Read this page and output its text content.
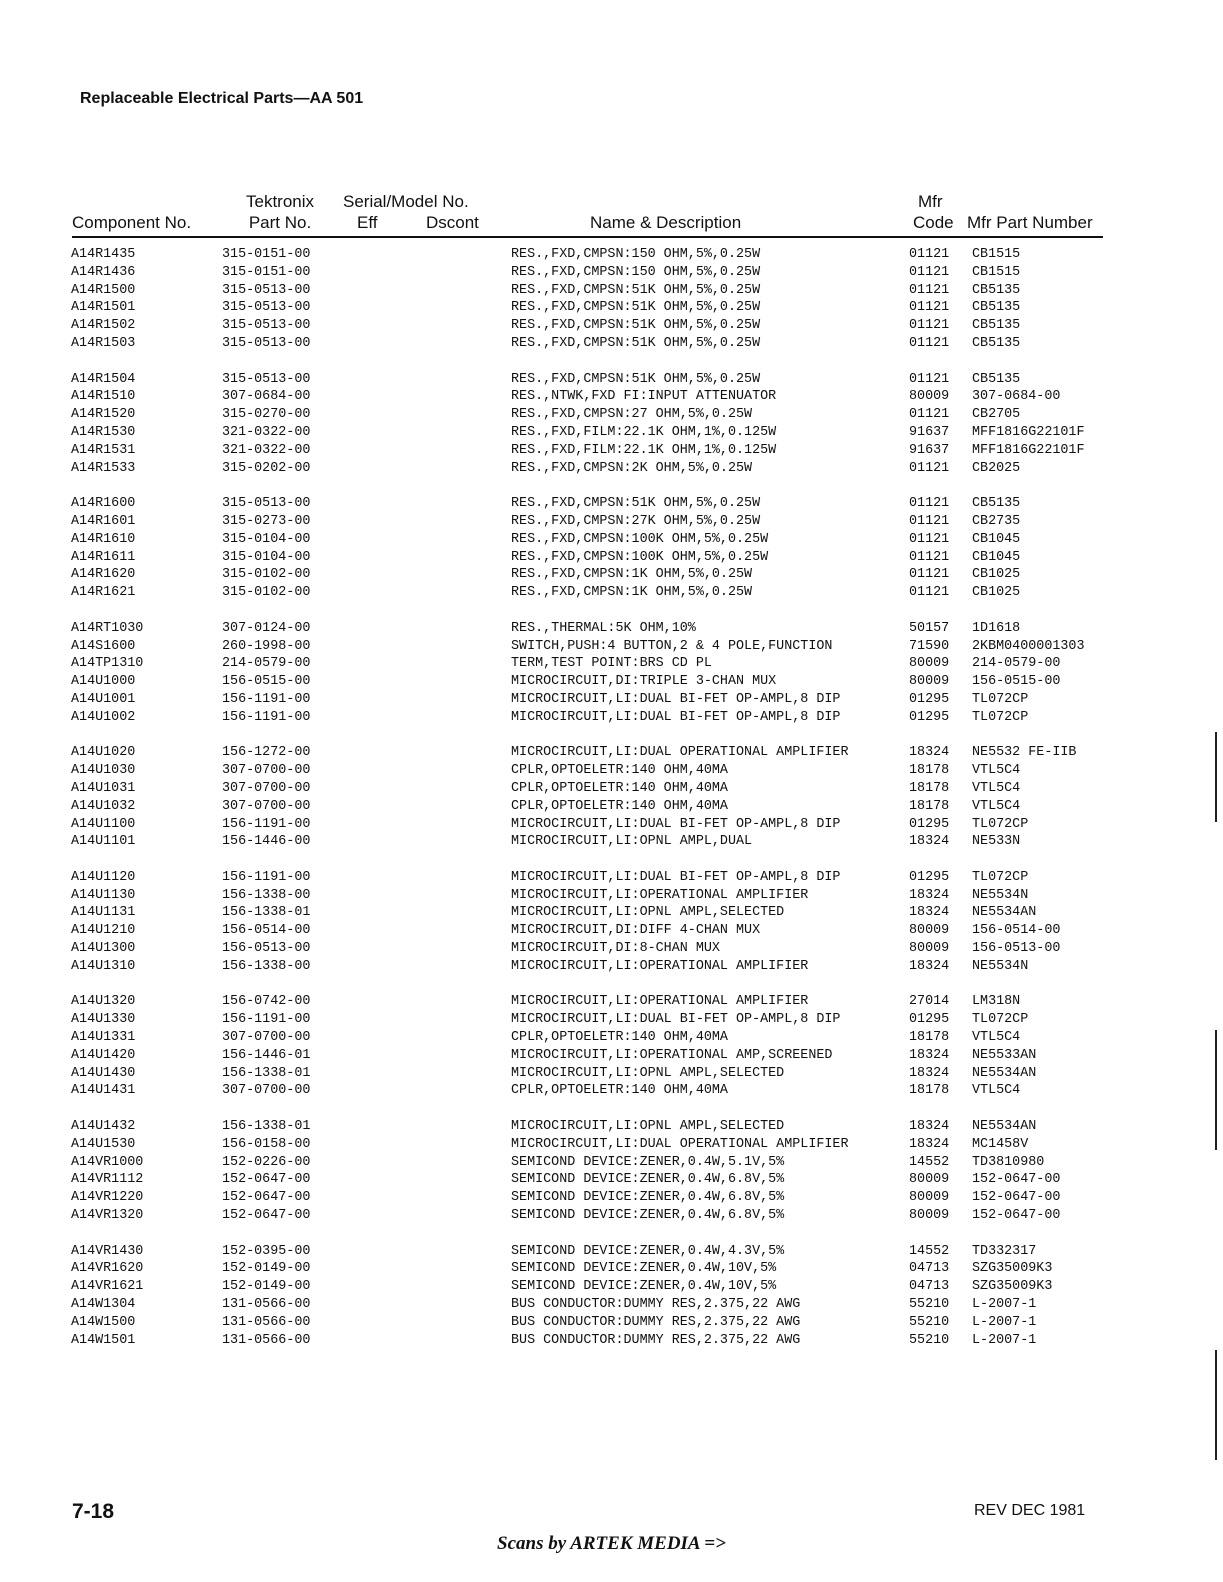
Replaceable Electrical Parts—AA 501
Component No.
Tektronix
Part No.
Serial/Model No.
Eff	Dscont	Name & Description
Mfr
Code Mfr Part Number
A14R1435	315-0151-00	RES.,FXD,CMPSN:150 OHM,5%,0.25W	01121 CB1515
A14R1436	315-0151-00	RES.,FXD,CMPSN:150 OHM,5%,0.25W	01121 CB1515
A14R1500	315-0513-00	RES.,FXD,CMPSN:51K OHM,5%,0.25W	01121 CB5135
A14R1501	315-0513-00	RES.,FXD,CMPSN:51K OHM,5%,0.25W	01121 CB5135
A14R1502	315-0513-00	RES.,FXD,CMPSN:51K OHM,5%,0.25W	01121 CB5135
A14R1503	315-0513-00	RES.,FXD,CMPSN:51K OHM,5%,0.25W	01121 CB5135
A14R1504	315-0513-00	RES.,FXD,CMPSN:51K OHM,5%,0.25W	01121 CB5135
A14R1510	307-0684-00	RES.,NTWK,FXD FI:INPUT ATTENUATOR	80009 307-0684-00
A14R1520	315-0270-00	RES.,FXD,CMPSN:27 OHM,5%,0.25W	01121 CB2705
A14R1530	321-0322-00	RES.,FXD,FILM:22.1K OHM,1%,0.125W	91637 MFF1816G22101F
A14R1531	321-0322-00	RES.,FXD,FILM:22.1K OHM,1%,0.125W	91637 MFF1816G22101F
A14R1533	315-0202-00	RES.,FXD,CMPSN:2K OHM,5%,0.25W	01121 CB2025
A14R1600	315-0513-00	RES.,FXD,CMPSN:51K OHM,5%,0.25W	01121 CB5135
A14R1601	315-0273-00	RES.,FXD,CMPSN:27K OHM,5%,0.25W	01121 CB2735
A14R1610	315-0104-00	RES.,FXD,CMPSN:100K OHM,5%,0.25W	01121 CB1045
A14R1611	315-0104-00	RES.,FXD,CMPSN:100K OHM,5%,0.25W	01121 CB1045
A14R1620	315-0102-00	RES.,FXD,CMPSN:1K OHM,5%,0.25W	01121 CB1025
A14R1621	315-0102-00	RES.,FXD,CMPSN:1K OHM,5%,0.25W	01121 CB1025
A14RT1030	307-0124-00	RES.,THERMAL:5K OHM,10%	50157 1D1618
A14S1600	260-1998-00	SWITCH,PUSH:4 BUTTON,2 & 4 POLE,FUNCTION	71590 2KBM0400001303
A14TP1310	214-0579-00	TERM,TEST POINT:BRS CD PL	80009 214-0579-00
A14U1000	156-0515-00	MICROCIRCUIT,DI:TRIPLE 3-CHAN MUX	80009 156-0515-00
A14U1001	156-1191-00	MICROCIRCUIT,LI:DUAL BI-FET OP-AMPL,8 DIP	01295 TL072CP
A14U1002	156-1191-00	MICROCIRCUIT,LI:DUAL BI-FET OP-AMPL,8 DIP	01295 TL072CP
A14U1020	156-1272-00	MICROCIRCUIT,LI:DUAL OPERATIONAL AMPLIFIER	18324 NE5532 FE-IIB
A14U1030	307-0700-00	CPLR,OPTOELETR:140 OHM,40MA	18178 VTL5C4
A14U1031	307-0700-00	CPLR,OPTOELETR:140 OHM,40MA	18178 VTL5C4
A14U1032	307-0700-00	CPLR,OPTOELETR:140 OHM,40MA	18178 VTL5C4
A14U1100	156-1191-00	MICROCIRCUIT,LI:DUAL BI-FET OP-AMPL,8 DIP	01295 TL072CP
A14U1101	156-1446-00	MICROCIRCUIT,LI:OPNL AMPL,DUAL	18324 NE533N
A14U1120	156-1191-00	MICROCIRCUIT,LI:DUAL BI-FET OP-AMPL,8 DIP	01295 TL072CP
A14U1130	156-1338-00	MICROCIRCUIT,LI:OPERATIONAL AMPLIFIER	18324 NE5534N
A14U1131	156-1338-01	MICROCIRCUIT,LI:OPNL AMPL,SELECTED	18324 NE5534AN
A14U1210	156-0514-00	MICROCIRCUIT,DI:DIFF 4-CHAN MUX	80009 156-0514-00
A14U1300	156-0513-00	MICROCIRCUIT,DI:8-CHAN MUX	80009 156-0513-00
A14U1310	156-1338-00	MICROCIRCUIT,LI:OPERATIONAL AMPLIFIER	18324 NE5534N
A14U1320	156-0742-00	MICROCIRCUIT,LI:OPERATIONAL AMPLIFIER	27014 LM318N
A14U1330	156-1191-00	MICROCIRCUIT,LI:DUAL BI-FET OP-AMPL,8 DIP	01295 TL072CP
A14U1331	307-0700-00	CPLR,OPTOELETR:140 OHM,40MA	18178 VTL5C4
A14U1420	156-1446-01	MICROCIRCUIT,LI:OPERATIONAL AMP,SCREENED	18324 NE5533AN
A14U1430	156-1338-01	MICROCIRCUIT,LI:OPNL AMPL,SELECTED	18324 NE5534AN
A14U1431	307-0700-00	CPLR,OPTOELETR:140 OHM,40MA	18178 VTL5C4
A14U1432	156-1338-01	MICROCIRCUIT,LI:OPNL AMPL,SELECTED	18324 NE5534AN
A14U1530	156-0158-00	MICROCIRCUIT,LI:DUAL OPERATIONAL AMPLIFIER	18324 MC1458V
A14VR1000	152-0226-00	SEMICOND DEVICE:ZENER,0.4W,5.1V,5%	14552 TD3810980
A14VR1112	152-0647-00	SEMICOND DEVICE:ZENER,0.4W,6.8V,5%	80009 152-0647-00
A14VR1220	152-0647-00	SEMICOND DEVICE:ZENER,0.4W,6.8V,5%	80009 152-0647-00
A14VR1320	152-0647-00	SEMICOND DEVICE:ZENER,0.4W,6.8V,5%	80009 152-0647-00
A14VR1430	152-0395-00	SEMICOND DEVICE:ZENER,0.4W,4.3V,5%	14552 TD332317
A14VR1620	152-0149-00	SEMICOND DEVICE:ZENER,0.4W,10V,5%	04713 SZG35009K3
A14VR1621	152-0149-00	SEMICOND DEVICE:ZENER,0.4W,10V,5%	04713 SZG35009K3
A14W1304	131-0566-00	BUS CONDUCTOR:DUMMY RES,2.375,22 AWG	55210 L-2007-1
A14W1500	131-0566-00	BUS CONDUCTOR:DUMMY RES,2.375,22 AWG	55210 L-2007-1
A14W1501	131-0566-00	BUS CONDUCTOR:DUMMY RES,2.375,22 AWG	55210 L-2007-1
7-18	REV DEC 1981
Scans by ARTEK MEDIA =>
